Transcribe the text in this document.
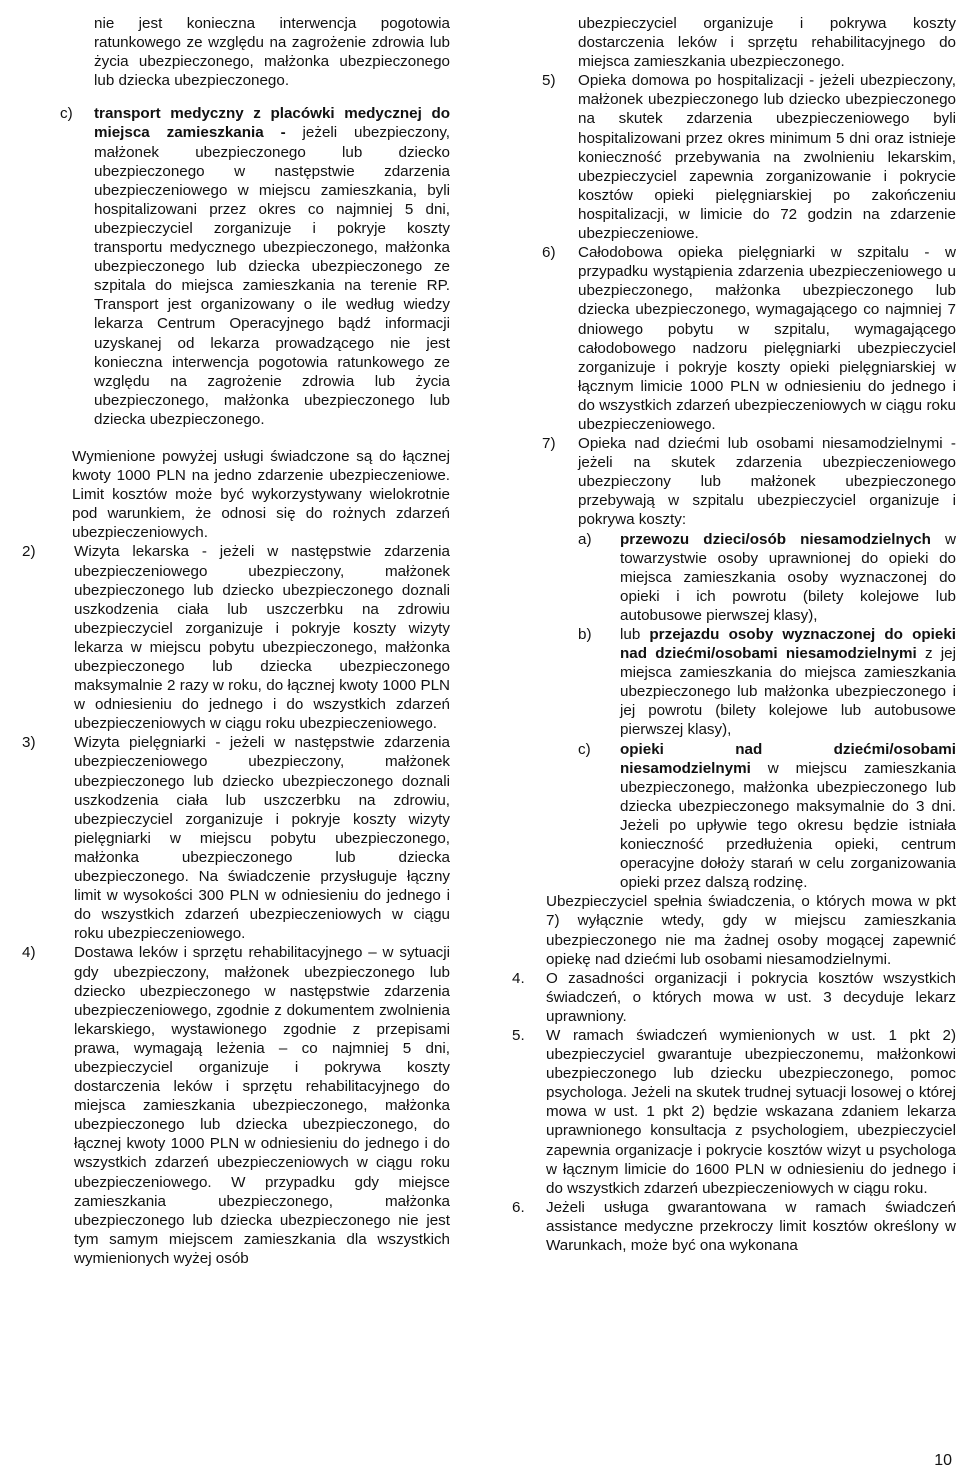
nie jest konieczna interwencja pogotowia ratunkowego ze względu na zagrożenie zdrowia lub życia ubezpieczonego, małżonka ubezpieczonego lub dziecka ubezpieczonego.

c) transport medyczny z placówki medycznej do miejsca zamieszkania - jeżeli ubezpieczony, małżonek ubezpieczonego lub dziecko ubezpieczonego w następstwie zdarzenia ubezpieczeniowego w miejscu zamieszkania, byli hospitalizowani przez okres co najmniej 5 dni, ubezpieczyciel zorganizuje i pokryje koszty transportu medycznego ubezpieczonego, małżonka ubezpieczonego lub dziecka ubezpieczonego ze szpitala do miejsca zamieszkania na terenie RP. Transport jest organizowany o ile według wiedzy lekarza Centrum Operacyjnego bądź informacji uzyskanej od lekarza prowadzącego nie jest konieczna interwencja pogotowia ratunkowego ze względu na zagrożenie zdrowia lub życia ubezpieczonego, małżonka ubezpieczonego lub dziecka ubezpieczonego.

Wymienione powyżej usługi świadczone są do łącznej kwoty 1000 PLN na jedno zdarzenie ubezpieczeniowe. Limit kosztów może być wykorzystywany wielokrotnie pod warunkiem, że odnosi się do rożnych zdarzeń ubezpieczeniowych.

2)	Wizyta lekarska - jeżeli w następstwie zdarzenia ubezpieczeniowego ubezpieczony, małżonek ubezpieczonego lub dziecko ubezpieczonego doznali uszkodzenia ciała lub uszczerbku na zdrowiu ubezpieczyciel zorganizuje i pokryje koszty wizyty lekarza w miejscu pobytu ubezpieczonego, małżonka ubezpieczonego lub dziecka ubezpieczonego maksymalnie 2 razy w roku, do łącznej kwoty 1000 PLN w odniesieniu do jednego i do wszystkich zdarzeń ubezpieczeniowych w ciągu roku ubezpieczeniowego.
3)	Wizyta pielęgniarki - jeżeli w następstwie zdarzenia ubezpieczeniowego ubezpieczony, małżonek ubezpieczonego lub dziecko ubezpieczonego doznali uszkodzenia ciała lub uszczerbku na zdrowiu, ubezpieczyciel zorganizuje i pokryje koszty wizyty pielęgniarki w miejscu pobytu ubezpieczonego, małżonka ubezpieczonego lub dziecka ubezpieczonego. Na świadczenie przysługuje łączny limit w wysokości 300 PLN w odniesieniu do jednego i do wszystkich zdarzeń ubezpieczeniowych w ciągu roku ubezpieczeniowego.
4)	Dostawa leków i sprzętu rehabilitacyjnego – w sytuacji gdy ubezpieczony, małżonek ubezpieczonego lub dziecko ubezpieczonego w następstwie zdarzenia ubezpieczeniowego, zgodnie z dokumentem zwolnienia lekarskiego, wystawionego zgodnie z przepisami prawa, wymagają leżenia – co najmniej 5 dni, ubezpieczyciel organizuje i pokrywa koszty dostarczenia leków i sprzętu rehabilitacyjnego do miejsca zamieszkania ubezpieczonego, małżonka ubezpieczonego lub dziecka ubezpieczonego, do łącznej kwoty 1000 PLN w odniesieniu do jednego i do wszystkich zdarzeń ubezpieczeniowych w ciągu roku ubezpieczeniowego. W przypadku gdy miejsce zamieszkania ubezpieczonego, małżonka ubezpieczonego lub dziecka ubezpieczonego nie jest tym samym miejscem zamieszkania dla wszystkich wymienionych wyżej osób

ubezpieczyciel organizuje i pokrywa koszty dostarczenia leków i sprzętu rehabilitacyjnego do miejsca zamieszkania ubezpieczonego.

5) Opieka domowa po hospitalizacji - jeżeli ubezpieczony, małżonek ubezpieczonego lub dziecko ubezpieczonego na skutek zdarzenia ubezpieczeniowego byli hospitalizowani przez okres minimum 5 dni oraz istnieje konieczność przebywania na zwolnieniu lekarskim, ubezpieczyciel zapewnia zorganizowanie i pokrycie kosztów opieki pielęgniarskiej po zakończeniu hospitalizacji, w limicie do 72 godzin na zdarzenie ubezpieczeniowe.
6) Całodobowa opieka pielęgniarki w szpitalu - w przypadku wystąpienia zdarzenia ubezpieczeniowego u ubezpieczonego, małżonka ubezpieczonego lub dziecka ubezpieczonego, wymagającego co najmniej 7 dniowego pobytu w szpitalu, wymagającego całodobowego nadzoru pielęgniarki ubezpieczyciel zorganizuje i pokryje koszty opieki pielęgniarskiej w łącznym limicie 1000 PLN w odniesieniu do jednego i do wszystkich zdarzeń ubezpieczeniowych w ciągu roku ubezpieczeniowego.
7) Opieka nad dziećmi lub osobami niesamodzielnymi - jeżeli na skutek zdarzenia ubezpieczeniowego ubezpieczony lub małżonek ubezpieczonego przebywają w szpitalu ubezpieczyciel organizuje i pokrywa koszty:
a) przewozu dzieci/osób niesamodzielnych w towarzystwie osoby uprawnionej do opieki do miejsca zamieszkania osoby wyznaczonej do opieki i ich powrotu (bilety kolejowe lub autobusowe pierwszej klasy),
b) lub przejazdu osoby wyznaczonej do opieki nad dziećmi/osobami niesamodzielnymi z jej miejsca zamieszkania do miejsca zamieszkania ubezpieczonego lub małżonka ubezpieczonego i jej powrotu (bilety kolejowe lub autobusowe pierwszej klasy),
c) opieki nad dziećmi/osobami niesamodzielnymi w miejscu zamieszkania ubezpieczonego, małżonka ubezpieczonego lub dziecka ubezpieczonego maksymalnie do 3 dni. Jeżeli po upływie tego okresu będzie istniała konieczność przedłużenia opieki, centrum operacyjne dołoży starań w celu zorganizowania opieki przez dalszą rodzinę.

Ubezpieczyciel spełnia świadczenia, o których mowa w pkt 7) wyłącznie wtedy, gdy w miejscu zamieszkania ubezpieczonego nie ma żadnej osoby mogącej zapewnić opiekę nad dziećmi lub osobami niesamodzielnymi.

4. O zasadności organizacji i pokrycia kosztów wszystkich świadczeń, o których mowa w ust. 3 decyduje lekarz uprawniony.
5. W ramach świadczeń wymienionych w ust. 1 pkt 2) ubezpieczyciel gwarantuje ubezpieczonemu, małżonkowi ubezpieczonego lub dziecku ubezpieczonego, pomoc psychologa. Jeżeli na skutek trudnej sytuacji losowej o której mowa w ust. 1 pkt 2) będzie wskazana zdaniem lekarza uprawnionego konsultacja z psychologiem, ubezpieczyciel zapewnia organizacje i pokrycie kosztów wizyt u psychologa w łącznym limicie do 1600 PLN w odniesieniu do jednego i do wszystkich zdarzeń ubezpieczeniowych w ciągu roku.
6. Jeżeli usługa gwarantowana w ramach świadczeń assistance medyczne przekroczy limit kosztów określony w Warunkach, może być ona wykonana
10
